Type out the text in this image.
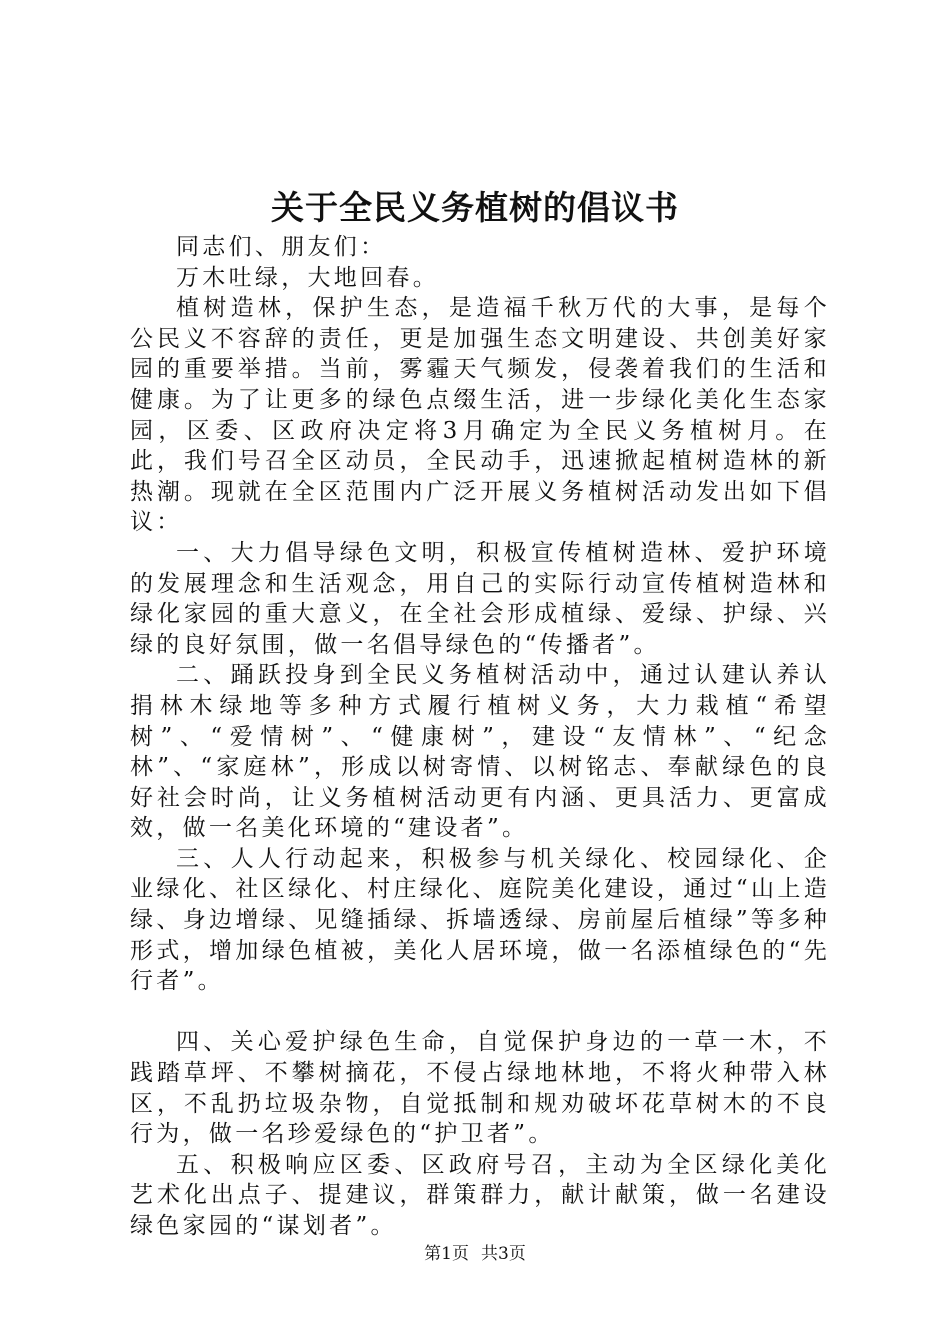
关于全民义务植树的倡议书

同志们、朋友们：

万木吐绿，大地回春。

植树造林，保护生态，是造福千秋万代的大事，是每个公民义不容辞的责任，更是加强生态文明建设、共创美好家园的重要举措。当前，雾霾天气频发，侵袭着我们的生活和健康。为了让更多的绿色点缀生活，进一步绿化美化生态家园，区委、区政府决定将3月确定为全民义务植树月。在此，我们号召全区动员，全民动手，迅速掀起植树造林的新热潮。现就在全区范围内广泛开展义务植树活动发出如下倡议：

一、大力倡导绿色文明，积极宣传植树造林、爱护环境的发展理念和生活观念，用自己的实际行动宣传植树造林和绿化家园的重大意义，在全社会形成植绿、爱绿、护绿、兴绿的良好氛围，做一名倡导绿色的“传播者”。

二、踊跃投身到全民义务植树活动中，通过认建认养认捐林木绿地等多种方式履行植树义务，大力栽植“希望树”、“爱情树”、“健康树”，建设“友情林”、“纪念林”、“家庭林”，形成以树寄情、以树铭志、奉献绿色的良好社会时尚，让义务植树活动更有内涵、更具活力、更富成效，做一名美化环境的“建设者”。

三、人人行动起来，积极参与机关绿化、校园绿化、企业绿化、社区绿化、村庄绿化、庭院美化建设，通过“山上造绿、身边增绿、见缝插绿、拆墙透绿、房前屋后植绿”等多种形式，增加绿色植被，美化人居环境，做一名添植绿色的“先行者”。

四、关心爱护绿色生命，自觉保护身边的一草一木，不践踏草坪、不攀树摘花，不侵占绿地林地，不将火种带入林区，不乱扔垃圾杂物，自觉抵制和规劝破坏花草树木的不良行为，做一名珍爱绿色的“护卫者”。

五、积极响应区委、区政府号召，主动为全区绿化美化艺术化出点子、提建议，群策群力，献计献策，做一名建设绿色家园的“谋划者”。

第1页 共3页
